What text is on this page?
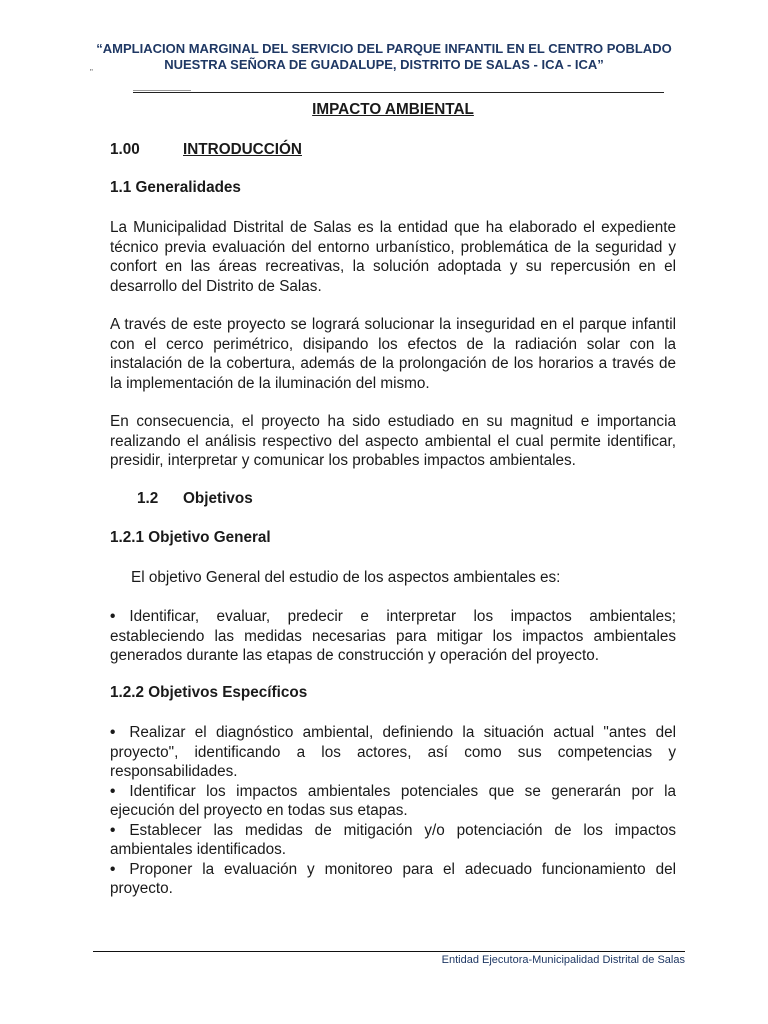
“AMPLIACION MARGINAL DEL SERVICIO DEL PARQUE INFANTIL EN EL CENTRO POBLADO
NUESTRA SEÑORA DE GUADALUPE, DISTRITO DE SALAS - ICA - ICA”
"
IMPACTO AMBIENTAL
1.00	INTRODUCCIÓN
1.1 Generalidades
La Municipalidad Distrital de Salas es la entidad que ha elaborado el expediente técnico previa evaluación del entorno urbanístico, problemática de la seguridad y confort en las áreas recreativas, la solución adoptada y su repercusión en el desarrollo del Distrito de Salas.
A través de este proyecto se logrará solucionar la inseguridad en el parque infantil con el cerco perimétrico, disipando los efectos de la radiación solar con la instalación de la cobertura, además de la prolongación de los horarios a través de la implementación de la iluminación del mismo.
En consecuencia, el proyecto ha sido estudiado en su magnitud e importancia realizando el análisis respectivo del aspecto ambiental el cual permite identificar, presidir, interpretar y comunicar los probables impactos ambientales.
1.2 Objetivos
1.2.1 Objetivo General
El objetivo General del estudio de los aspectos ambientales es:
• Identificar, evaluar, predecir e interpretar los impactos ambientales; estableciendo las medidas necesarias para mitigar los impactos ambientales generados durante las etapas de construcción y operación del proyecto.
1.2.2 Objetivos Específicos
• Realizar el diagnóstico ambiental, definiendo la situación actual "antes del proyecto", identificando a los actores, así como sus competencias y responsabilidades.
• Identificar los impactos ambientales potenciales que se generarán por la ejecución del proyecto en todas sus etapas.
• Establecer las medidas de mitigación y/o potenciación de los impactos ambientales identificados.
• Proponer la evaluación y monitoreo para el adecuado funcionamiento del proyecto.
Entidad Ejecutora-Municipalidad Distrital de Salas
